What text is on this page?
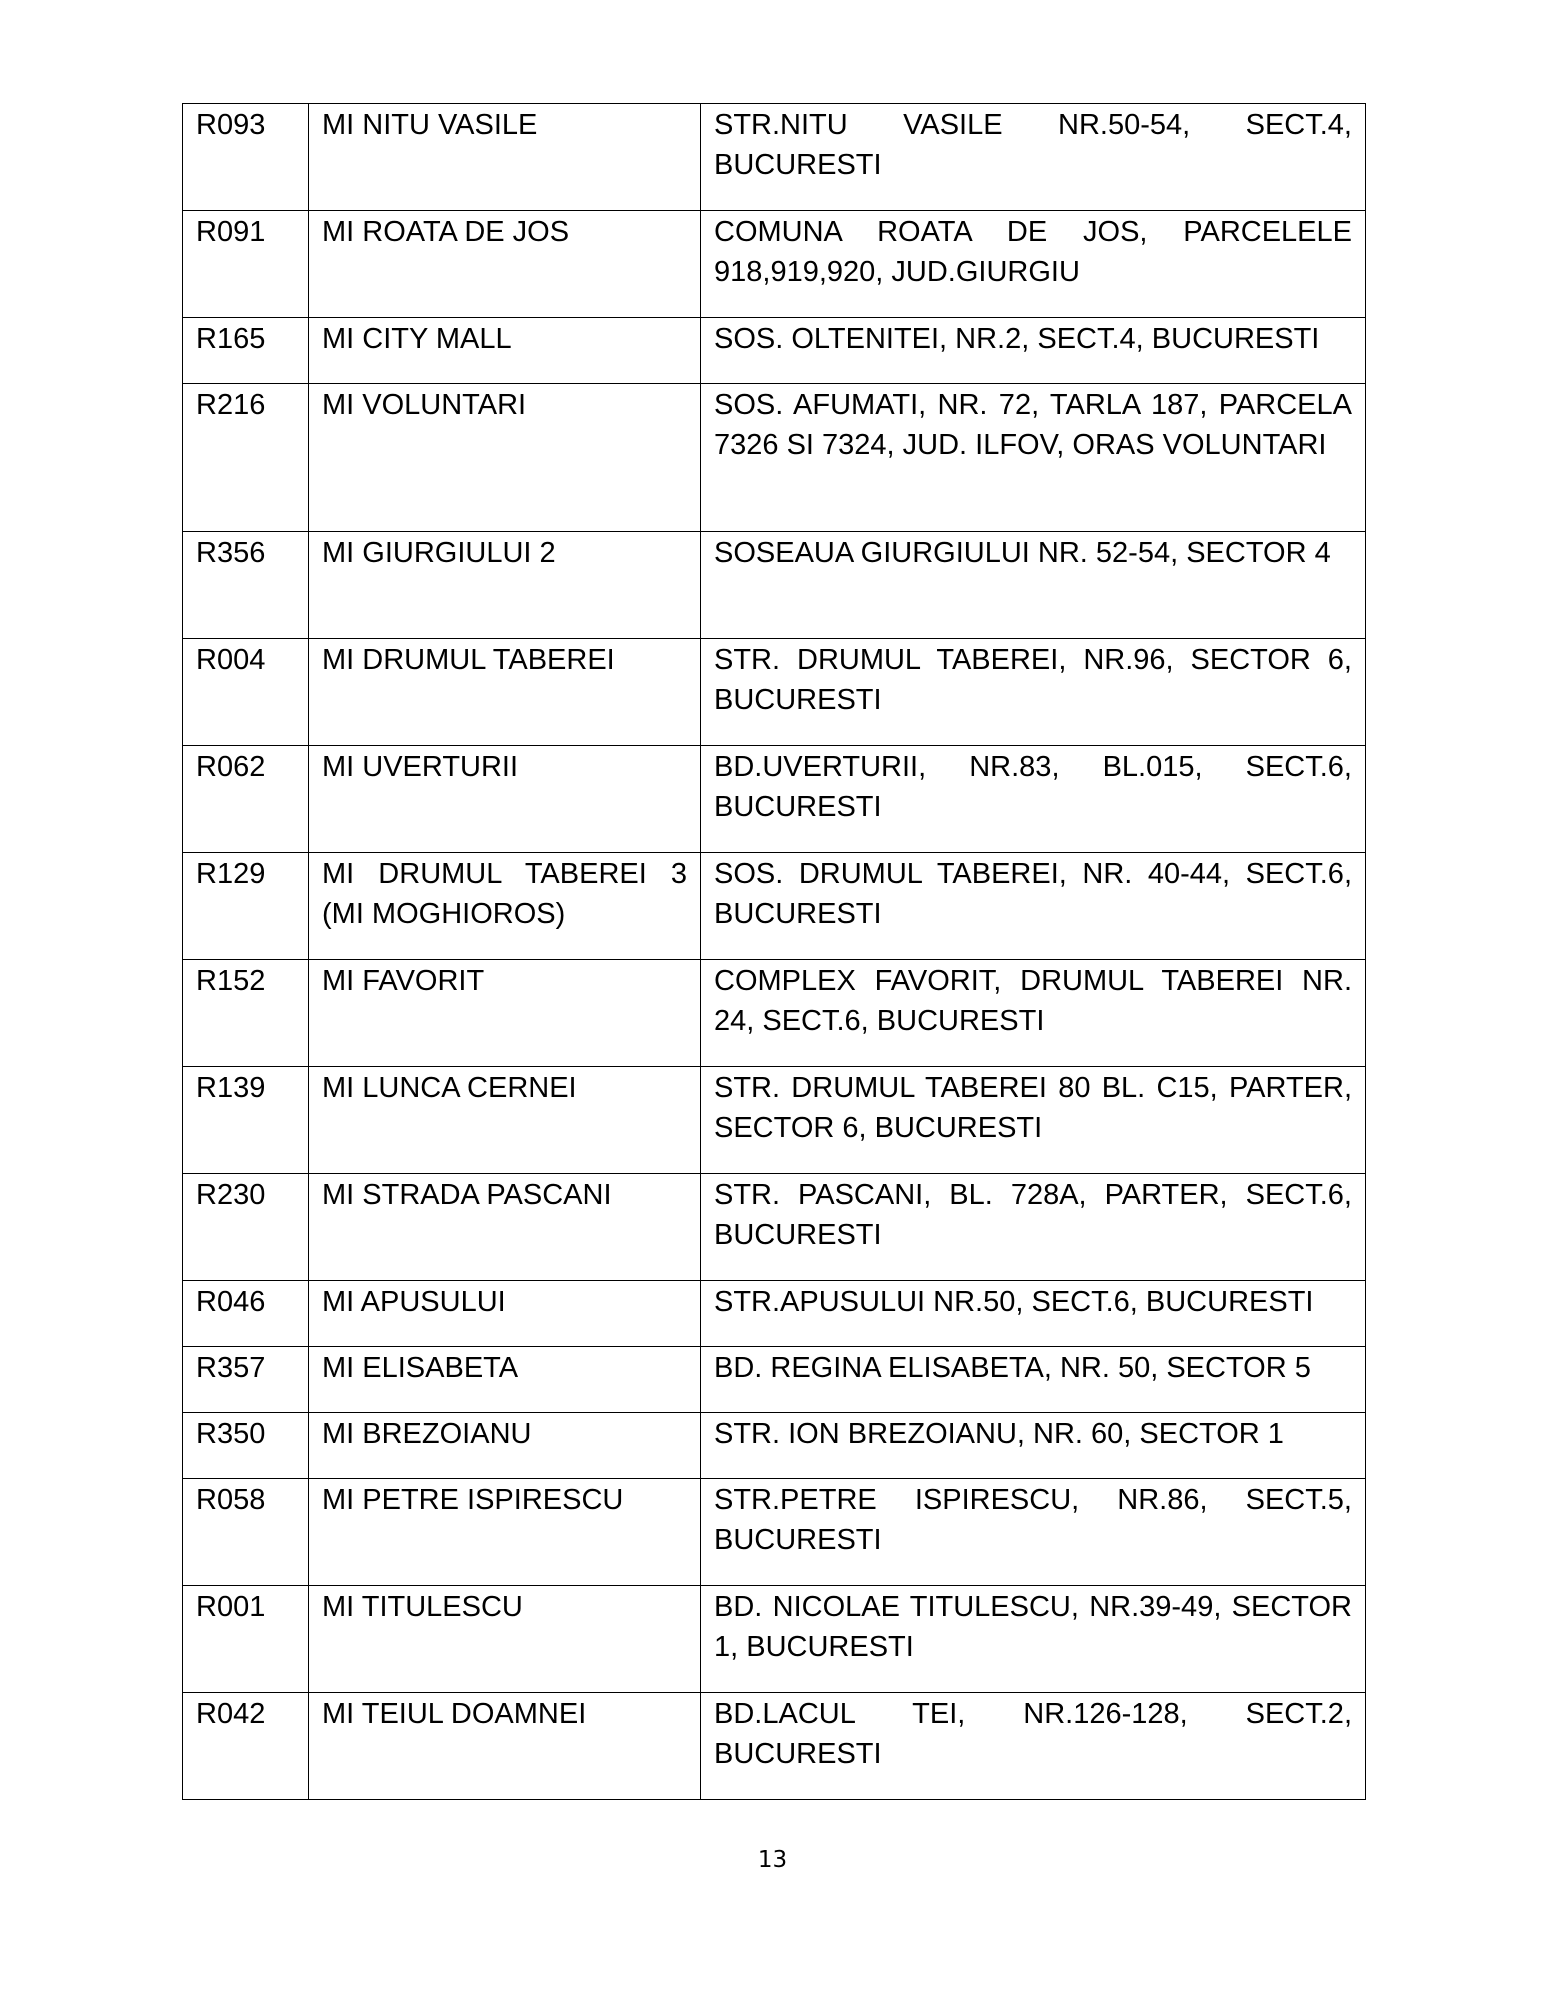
R093	MI NITU VASILE	STR.NITU VASILE NR.50-54, SECT.4, BUCURESTI
R091	MI ROATA DE JOS	COMUNA ROATA DE JOS, PARCELELE 918,919,920, JUD.GIURGIU
R165	MI CITY MALL	SOS. OLTENITEI, NR.2, SECT.4, BUCURESTI
R216	MI VOLUNTARI	SOS. AFUMATI, NR. 72, TARLA 187, PARCELA 7326 SI 7324, JUD. ILFOV, ORAS VOLUNTARI
R356	MI GIURGIULUI 2	SOSEAUA GIURGIULUI NR. 52-54, SECTOR 4
R004	MI DRUMUL TABEREI	STR. DRUMUL TABEREI, NR.96, SECTOR 6, BUCURESTI
R062	MI UVERTURII	BD.UVERTURII, NR.83, BL.015, SECT.6, BUCURESTI
R129	MI DRUMUL TABEREI 3 (MI MOGHIOROS)	SOS. DRUMUL TABEREI, NR. 40-44, SECT.6, BUCURESTI
R152	MI FAVORIT	COMPLEX FAVORIT, DRUMUL TABEREI NR. 24, SECT.6, BUCURESTI
R139	MI LUNCA CERNEI	STR. DRUMUL TABEREI 80 BL. C15, PARTER, SECTOR 6, BUCURESTI
R230	MI STRADA PASCANI	STR. PASCANI, BL. 728A, PARTER, SECT.6, BUCURESTI
R046	MI APUSULUI	STR.APUSULUI NR.50, SECT.6, BUCURESTI
R357	MI ELISABETA	BD. REGINA ELISABETA, NR. 50, SECTOR 5
R350	MI BREZOIANU	STR. ION BREZOIANU, NR. 60, SECTOR 1
R058	MI PETRE ISPIRESCU	STR.PETRE ISPIRESCU, NR.86, SECT.5, BUCURESTI
R001	MI TITULESCU	BD. NICOLAE TITULESCU, NR.39-49, SECTOR 1, BUCURESTI
R042	MI TEIUL DOAMNEI	BD.LACUL TEI, NR.126-128, SECT.2, BUCURESTI
13
